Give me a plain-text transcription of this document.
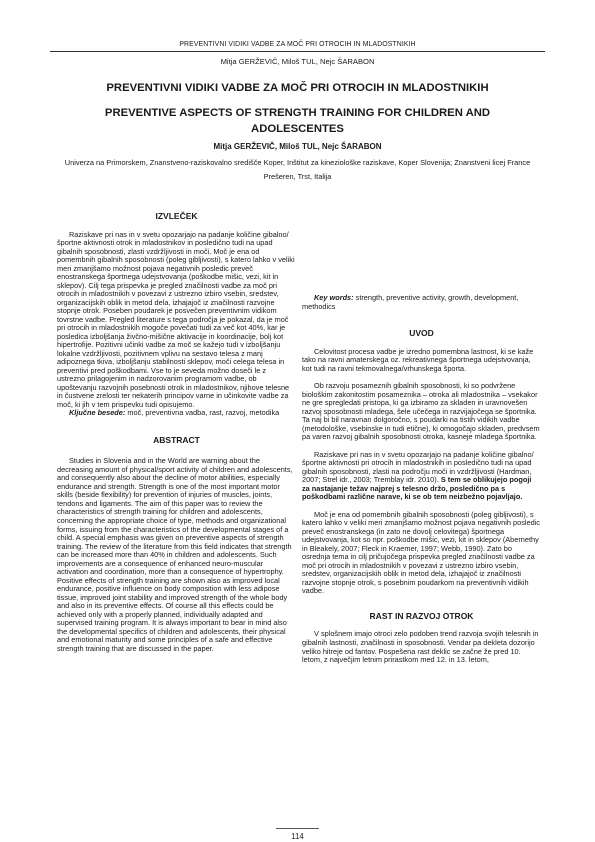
PREVENTIVNI VIDIKI VADBE ZA MOČ PRI OTROCIH IN MLADOSTNIKIH
Mitja GERŽEVIČ, Miloš TUL, Nejc ŠARABON
PREVENTIVNI VIDIKI VADBE ZA MOČ PRI OTROCIH IN MLADOSTNIKIH
PREVENTIVE ASPECTS OF STRENGTH TRAINING FOR CHILDREN AND ADOLESCENTES
Mitja GERŽEVIČ, Miloš TUL, Nejc ŠARABON
Univerza na Primorskem, Znanstveno-raziskovalno središče Koper, Inštitut za kineziološke raziskave, Koper Slovenija; Znanstveni licej France Prešeren, Trst, Italija
IZVLEČEK

Raziskave pri nas in v svetu opozarjajo na padanje količine gibalno/športne aktivnosti otrok in mladostnikov in posledično tudi na upad gibalnih sposobnosti, zlasti vzdržljivosti in moči. Moč je ena od pomembnih gibalnih sposobnosti (poleg gibljivosti), s katero lahko v veliki meri zmanjšamo možnost pojava negativnih posledic preveč enostranskega športnega udejstvovanja (poškodbe mišic, vezi, kit in sklepov). Cilj tega prispevka je pregled značilnosti vadbe za moč pri otrocih in mladostnikih v povezavi z ustrezno izbiro vsebin, sredstev, organizacijskih oblik in metod dela, izhajajoč iz značilnosti razvojne stopnje otrok. Poseben poudarek je posvečen preventivnim vidikom tovrstne vadbe. Pregled literature s tega področja je pokazal, da je moč pri otrocih in mladostnikih mogoče povečati tudi za več kot 40%, kar je posledica izboljšanja živčno-mišične aktivacije in koordinacije, bolj kot hipertrofije. Pozitivni učinki vadbe za moč se kažejo tudi v izboljšanju lokalne vzdržljivosti, pozitivnem vplivu na sestavo telesa z manj adipoznega tkiva, izboljšanju stabilnosti sklepov, moči celega telesa in preventivi pred poškodbami. Vse to je seveda možno doseči le z ustrezno prilagojenim in nadzorovanim programom vadbe, ob upoštevanju razvojnih posebnosti otrok in mladostnikov, njihove telesne in čustvene zrelosti ter nekaterih principov varne in učinkovite vadbe za moč, ki jih v tem prispevku tudi opisujemo.

Ključne besede: moč, preventivna vadba, rast, razvoj, metodika

ABSTRACT

Studies in Slovenia and in the World are warning about the decreasing amount of physical/sport activity of children and adolescents, and consequently also about the decline of motor abilities, especially endurance and strength. Strength is one of the most important motor skills (beside flexibility) for prevention of injuries of muscles, joints, tendons and ligaments. The aim of this paper was to review the characteristics of strength training for children and adolescents, concerning the appropriate choice of type, methods and organizational forms, issuing from the characteristics of the developmental stages of a child. A special emphasis was given on preventive aspects of strength training. The review of the literature from this field indicates that strength can be increased more than 40% in children and adolescents. Such improvements are a consequence of enhanced neuro-muscular activation and coordination, more than a consequence of hypertrophy. Positive effects of strength training are shown also as improved local endurance, positive influence on body composition with less adipose tissue, improved joint stability and improved strength of the whole body and also in its preventive effects. Of course all this effects could be achieved only with a properly planned, individually adapted and supervised training program. It is always important to bear in mind also the developmental specifics of children and adolescents, their physical and emotional maturity and some principles of a safe and effective strength training that are discussed in the paper.

Key words: strength, preventive activity, growth, development, methodics

UVOD

Celovitost procesa vadbe je izredno pomembna lastnost, ki se kaže tako na ravni amaterskega oz. rekreativnega športnega udejstvovanja, kot tudi na ravni tekmovalnega/vrhunskega športa.

Ob razvoju posameznih gibalnih sposobnosti, ki so podvržene biološkim zakonitostim posameznika – otroka ali mladostnika – vsekakor ne gre spregledati pristopa, ki ga izbiramo za skladen in uravnovešen razvoj sposobnosti mladega, šele učečega in razvijajočega se športnika. Ta naj bi bil naravnan dolgoročno, s poudarki na tistih vidikih vadbe (metodološke, vsebinske in tudi etične), ki omogočajo skladen, predvsem pa varen razvoj gibalnih sposobnosti otroka, kasneje mladega športnika.

Raziskave pri nas in v svetu opozarjajo na padanje količine gibalno/športne aktivnosti pri otrocih in mladostnikih in posledično tudi na upad gibalnih sposobnosti, zlasti na področju moči in vzdržljivosti (Hardman, 2007; Strel idr., 2003; Tremblay idr. 2010). S tem se oblikujejo pogoji za nastajanje težav najprej s telesno držo, posledično pa s poškodbami različne narave, ki se ob tem neizbežno pojavljajo.

Moč je ena od pomembnih gibalnih sposobnosti (poleg gibljivosti), s katero lahko v veliki meri zmanjšamo možnost pojava negativnih posledic preveč enostranskega (in zato ne dovolj celovitega) športnega udejstvovanja, kot so npr. poškodbe mišic, vezi, kit in sklepov (Abernethy in Bleakely, 2007; Fleck in Kraemer, 1997; Webb, 1990). Zato bo osrednja tema in cilj pričujočega prispevka pregled značilnosti vadbe za moč pri otrocih in mladostnikih v povezavi z ustrezno izbiro vsebin, sredstev, organizacijskih oblik in metod dela, izhajajoč iz značilnosti razvojne stopnje otrok, s posebnim poudarkom na preventivnih vidikih vadbe.

RAST IN RAZVOJ OTROK

V splošnem imajo otroci zelo podoben trend razvoja svojih telesnih in gibalnih lastnosti, značilnosti in sposobnosti. Vendar pa dekleta dozorijo veliko hitreje od fantov. Pospešena rast deklic se začne že pred 10. letom, z največjim letnim prirastkom med 12. in 13. letom,

114
